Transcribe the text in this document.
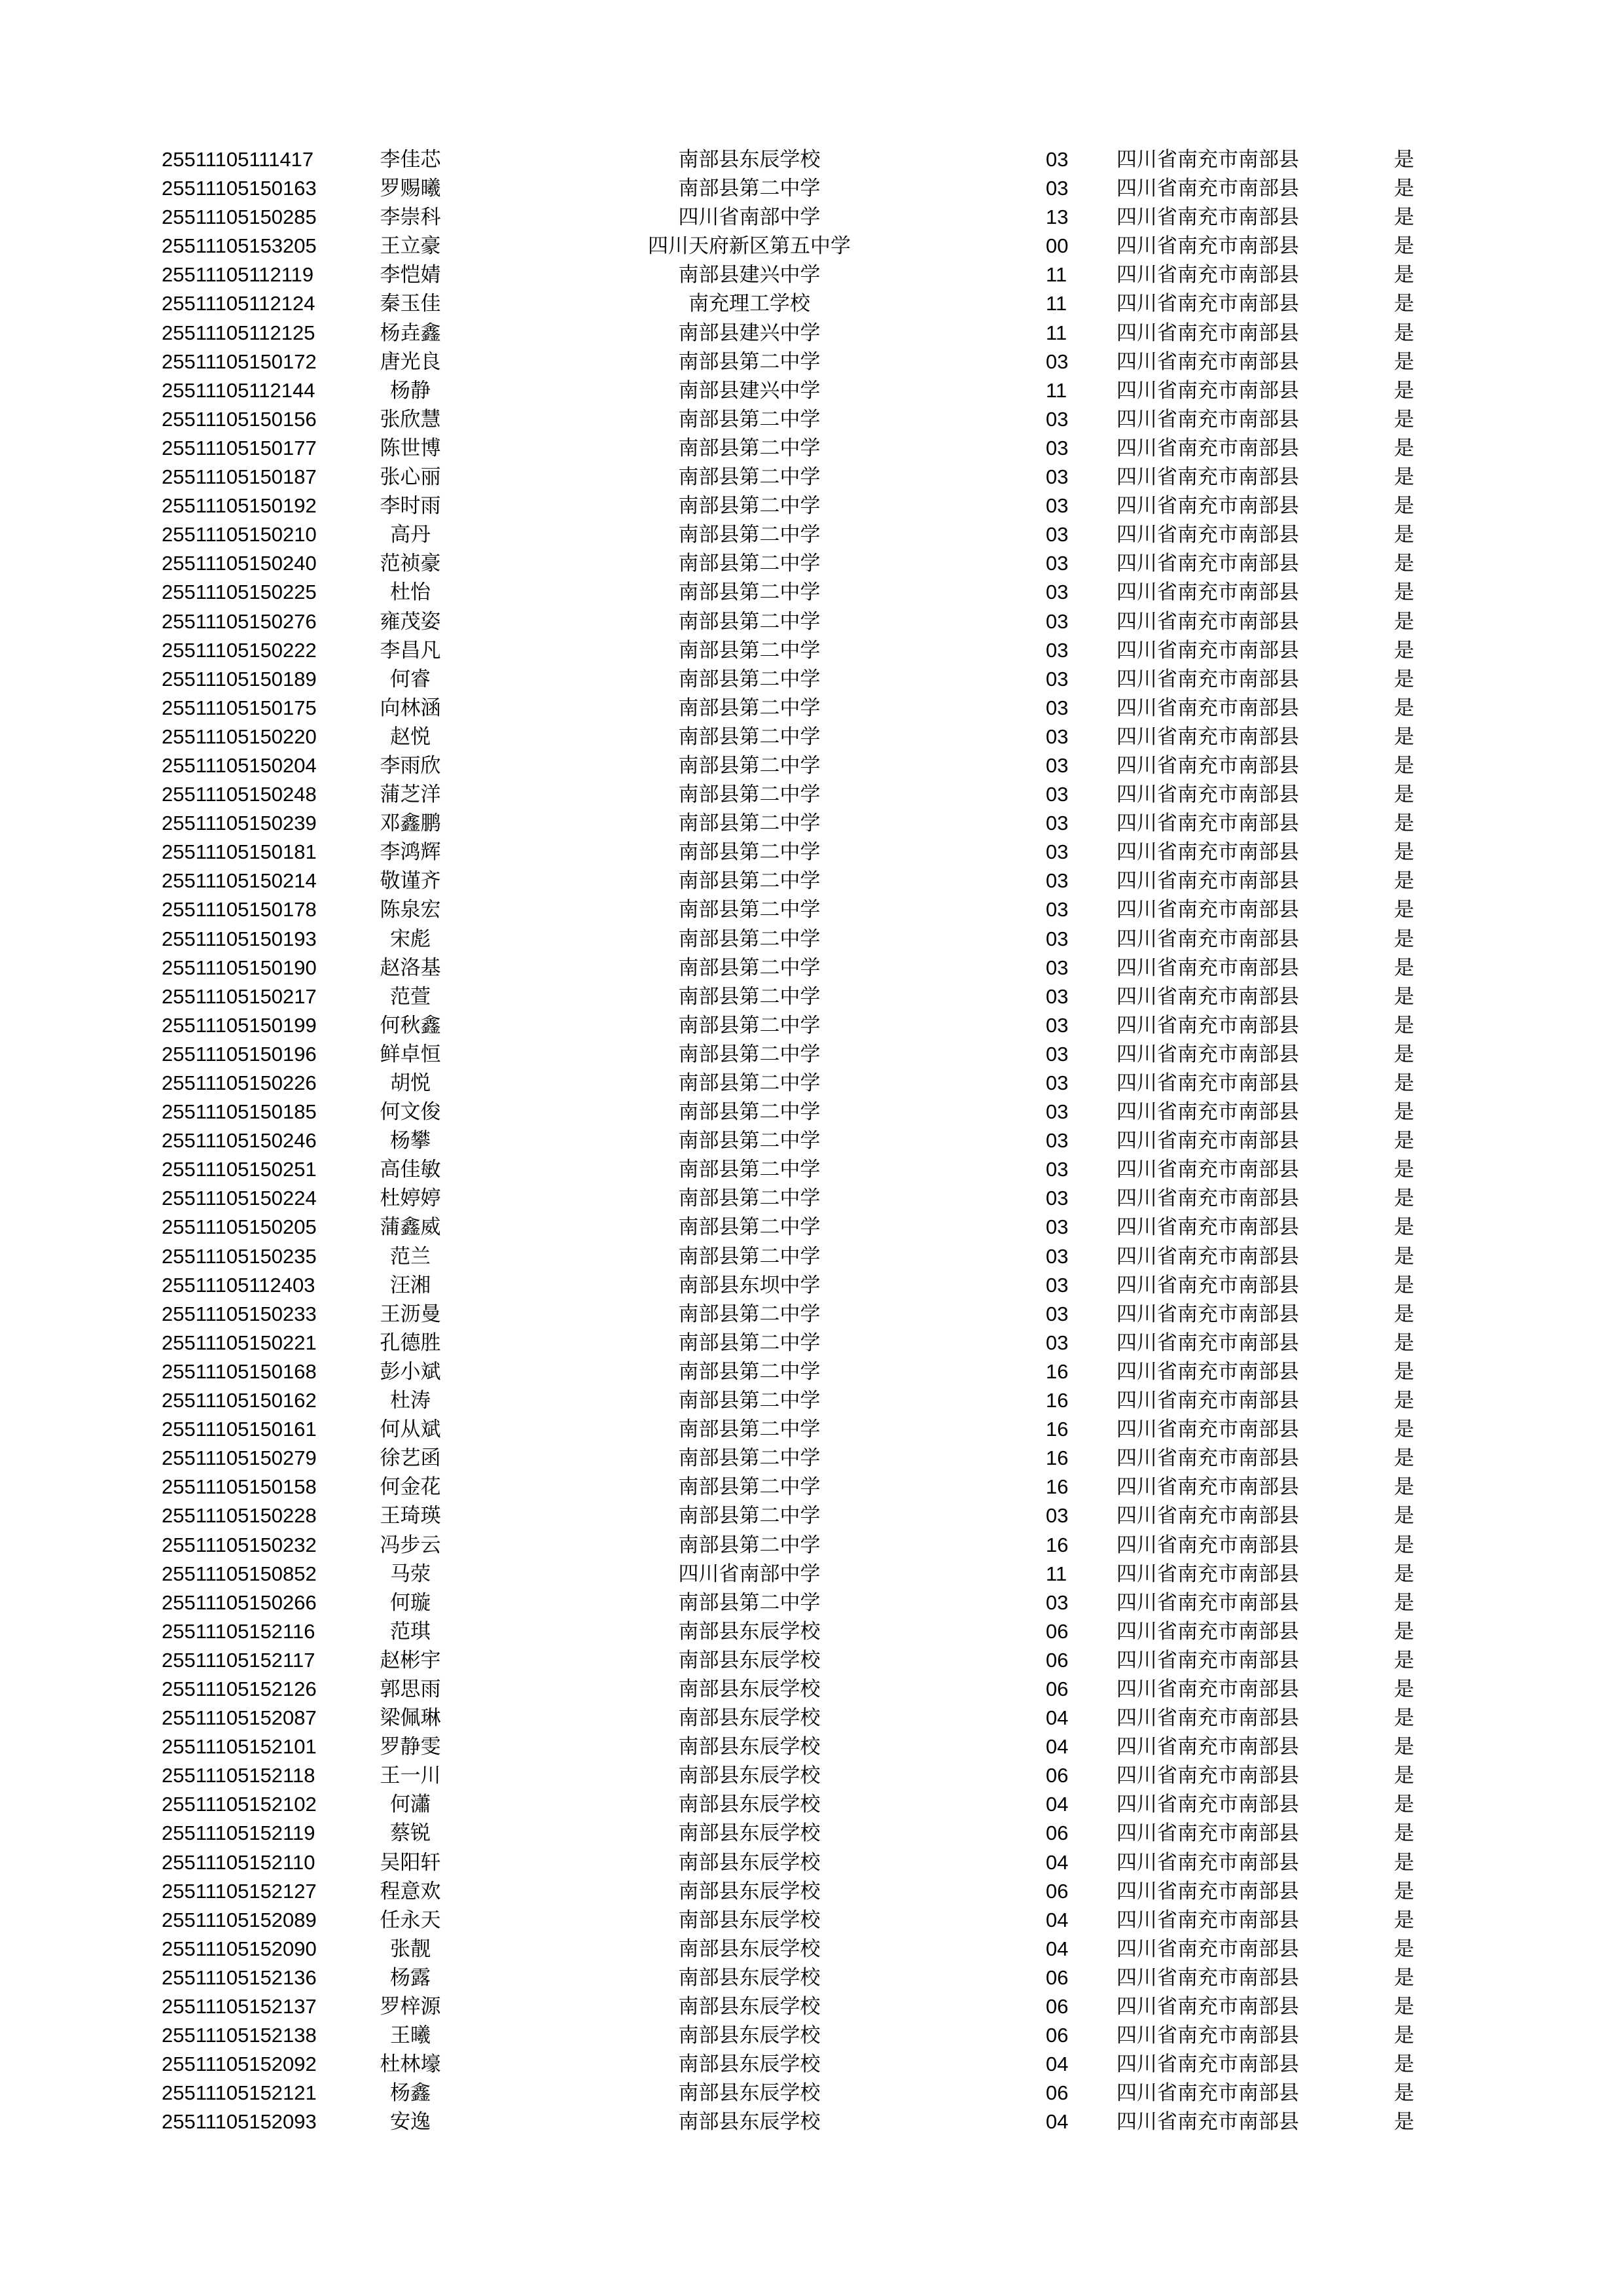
25511105111417	李佳芯	南部县东辰学校	03 四川省南充市南部县	是
25511105150163	罗赐曦	南部县第二中学	03 四川省南充市南部县	是
25511105150285	李崇科	四川省南部中学	13 四川省南充市南部县	是
25511105153205	王立豪	四川天府新区第五中学	00 四川省南充市南部县	是
25511105112119	李恺婧	南部县建兴中学	11 四川省南充市南部县	是
25511105112124	秦玉佳	南充理工学校	11 四川省南充市南部县	是
25511105112125	杨垚鑫	南部县建兴中学	11 四川省南充市南部县	是
25511105150172	唐光良	南部县第二中学	03 四川省南充市南部县	是
25511105112144	杨静	南部县建兴中学	11 四川省南充市南部县	是
25511105150156	张欣慧	南部县第二中学	03 四川省南充市南部县	是
25511105150177	陈世博	南部县第二中学	03 四川省南充市南部县	是
25511105150187	张心丽	南部县第二中学	03 四川省南充市南部县	是
25511105150192	李时雨	南部县第二中学	03 四川省南充市南部县	是
25511105150210	高丹	南部县第二中学	03 四川省南充市南部县	是
25511105150240	范祯豪	南部县第二中学	03 四川省南充市南部县	是
25511105150225	杜怡	南部县第二中学	03 四川省南充市南部县	是
25511105150276	雍茂姿	南部县第二中学	03 四川省南充市南部县	是
25511105150222	李昌凡	南部县第二中学	03 四川省南充市南部县	是
25511105150189	何睿	南部县第二中学	03 四川省南充市南部县	是
25511105150175	向林涵	南部县第二中学	03 四川省南充市南部县	是
25511105150220	赵悦	南部县第二中学	03 四川省南充市南部县	是
25511105150204	李雨欣	南部县第二中学	03 四川省南充市南部县	是
25511105150248	蒲芝洋	南部县第二中学	03 四川省南充市南部县	是
25511105150239	邓鑫鹏	南部县第二中学	03 四川省南充市南部县	是
25511105150181	李鸿辉	南部县第二中学	03 四川省南充市南部县	是
25511105150214	敬谨齐	南部县第二中学	03 四川省南充市南部县	是
25511105150178	陈泉宏	南部县第二中学	03 四川省南充市南部县	是
25511105150193	宋彪	南部县第二中学	03 四川省南充市南部县	是
25511105150190	赵洛基	南部县第二中学	03 四川省南充市南部县	是
25511105150217	范萱	南部县第二中学	03 四川省南充市南部县	是
25511105150199	何秋鑫	南部县第二中学	03 四川省南充市南部县	是
25511105150196	鲜卓恒	南部县第二中学	03 四川省南充市南部县	是
25511105150226	胡悦	南部县第二中学	03 四川省南充市南部县	是
25511105150185	何文俊	南部县第二中学	03 四川省南充市南部县	是
25511105150246	杨攀	南部县第二中学	03 四川省南充市南部县	是
25511105150251	高佳敏	南部县第二中学	03 四川省南充市南部县	是
25511105150224	杜婷婷	南部县第二中学	03 四川省南充市南部县	是
25511105150205	蒲鑫威	南部县第二中学	03 四川省南充市南部县	是
25511105150235	范兰	南部县第二中学	03 四川省南充市南部县	是
25511105112403	汪湘	南部县东坝中学	03 四川省南充市南部县	是
25511105150233	王沥曼	南部县第二中学	03 四川省南充市南部县	是
25511105150221	孔德胜	南部县第二中学	03 四川省南充市南部县	是
25511105150168	彭小斌	南部县第二中学	16 四川省南充市南部县	是
25511105150162	杜涛	南部县第二中学	16 四川省南充市南部县	是
25511105150161	何从斌	南部县第二中学	16 四川省南充市南部县	是
25511105150279	徐艺函	南部县第二中学	16 四川省南充市南部县	是
25511105150158	何金花	南部县第二中学	16 四川省南充市南部县	是
25511105150228	王琦瑛	南部县第二中学	03 四川省南充市南部县	是
25511105150232	冯步云	南部县第二中学	16 四川省南充市南部县	是
25511105150852	马荥	四川省南部中学	11 四川省南充市南部县	是
25511105150266	何璇	南部县第二中学	03 四川省南充市南部县	是
25511105152116	范琪	南部县东辰学校	06 四川省南充市南部县	是
25511105152117	赵彬宇	南部县东辰学校	06 四川省南充市南部县	是
25511105152126	郭思雨	南部县东辰学校	06 四川省南充市南部县	是
25511105152087	梁佩琳	南部县东辰学校	04 四川省南充市南部县	是
25511105152101	罗静雯	南部县东辰学校	04 四川省南充市南部县	是
25511105152118	王一川	南部县东辰学校	06 四川省南充市南部县	是
25511105152102	何瀟	南部县东辰学校	04 四川省南充市南部县	是
25511105152119	蔡锐	南部县东辰学校	06 四川省南充市南部县	是
25511105152110	吴阳轩	南部县东辰学校	04 四川省南充市南部县	是
25511105152127	程意欢	南部县东辰学校	06 四川省南充市南部县	是
25511105152089	任永天	南部县东辰学校	04 四川省南充市南部县	是
25511105152090	张靓	南部县东辰学校	04 四川省南充市南部县	是
25511105152136	杨露	南部县东辰学校	06 四川省南充市南部县	是
25511105152137	罗梓源	南部县东辰学校	06 四川省南充市南部县	是
25511105152138	王曦	南部县东辰学校	06 四川省南充市南部县	是
25511105152092	杜林壕	南部县东辰学校	04 四川省南充市南部县	是
25511105152121	杨鑫	南部县东辰学校	06 四川省南充市南部县	是
25511105152093	安逸	南部县东辰学校	04 四川省南充市南部县	是
